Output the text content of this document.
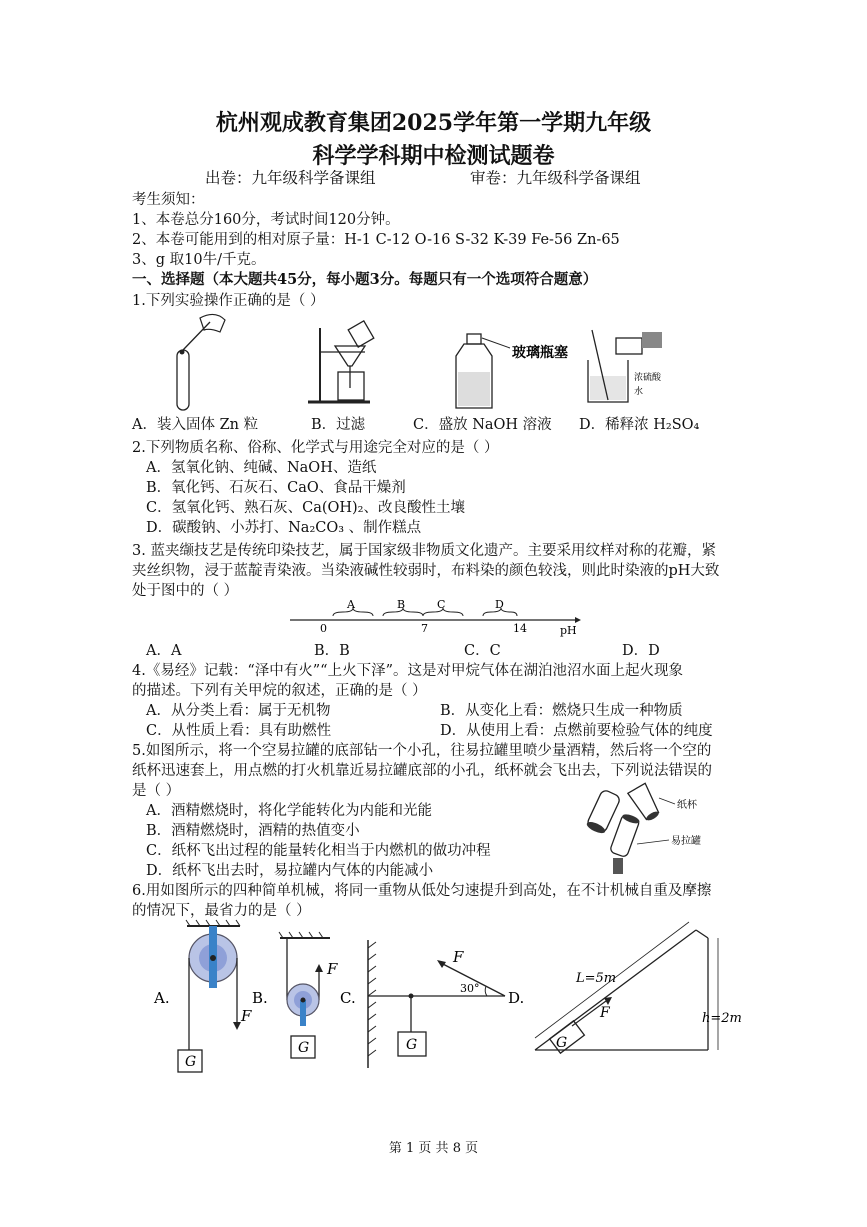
杭州观成教育集团2025学年第一学期九年级
科学学科期中检测试题卷
出卷：九年级科学备课组	审卷：九年级科学备课组
考生须知：
1、本卷总分160分，考试时间120分钟。
2、本卷可能用到的相对原子量：H-1 C-12 O-16 S-32 K-39 Fe-56 Zn-65
3、g 取10牛/千克。
一、选择题（本大题共45分，每小题3分。每题只有一个选项符合题意）
1.下列实验操作正确的是（ ）
玻璃瓶塞
浓硫酸
水
A．装入固体 Zn 粒	B．过滤	C．盛放 NaOH 溶液 D．稀释浓 H₂SO₄
2.下列物质名称、俗称、化学式与用途完全对应的是（ ）
A．氢氧化钠、纯碱、NaOH、造纸
B．氧化钙、石灰石、CaO、食品干燥剂
C．氢氧化钙、熟石灰、Ca(OH)₂、改良酸性土壤
D．碳酸钠、小苏打、Na₂CO₃ 、制作糕点
3. 蓝夹缬技艺是传统印染技艺，属于国家级非物质文化遗产。主要采用纹样对称的花瓣，紧
夹丝织物，浸于蓝靛青染液。当染液碱性较弱时，布料染的颜色较浅，则此时染液的pH大致
处于图中的（ ）
A	B	C	D
0	7	14	pH
A．A	B．B	C．C	D．D
4.《易经》记载：“泽中有火”“上火下泽”。这是对甲烷气体在湖泊池沼水面上起火现象
的描述。下列有关甲烷的叙述，正确的是（ ）
A．从分类上看：属于无机物	B．从变化上看：燃烧只生成一种物质
C．从性质上看：具有助燃性	D．从使用上看：点燃前要检验气体的纯度
5.如图所示，将一个空易拉罐的底部钻一个小孔，往易拉罐里喷少量酒精，然后将一个空的
纸杯迅速套上，用点燃的打火机靠近易拉罐底部的小孔，纸杯就会飞出去，下列说法错误的
是（ ）
A．酒精燃烧时，将化学能转化为内能和光能
B．酒精燃烧时，酒精的热值变小
C．纸杯飞出过程的能量转化相当于内燃机的做功冲程
D．纸杯飞出去时，易拉罐内气体的内能减小
纸杯
易拉罐
6.用如图所示的四种简单机械，将同一重物从低处匀速提升到高处，在不计机械自重及摩擦
的情况下，最省力的是（ ）
F
G
A.
F
G
B.
G
F
30°
C.	D.
G
F
L=5m
h=2m
第 1 页 共 8 页
